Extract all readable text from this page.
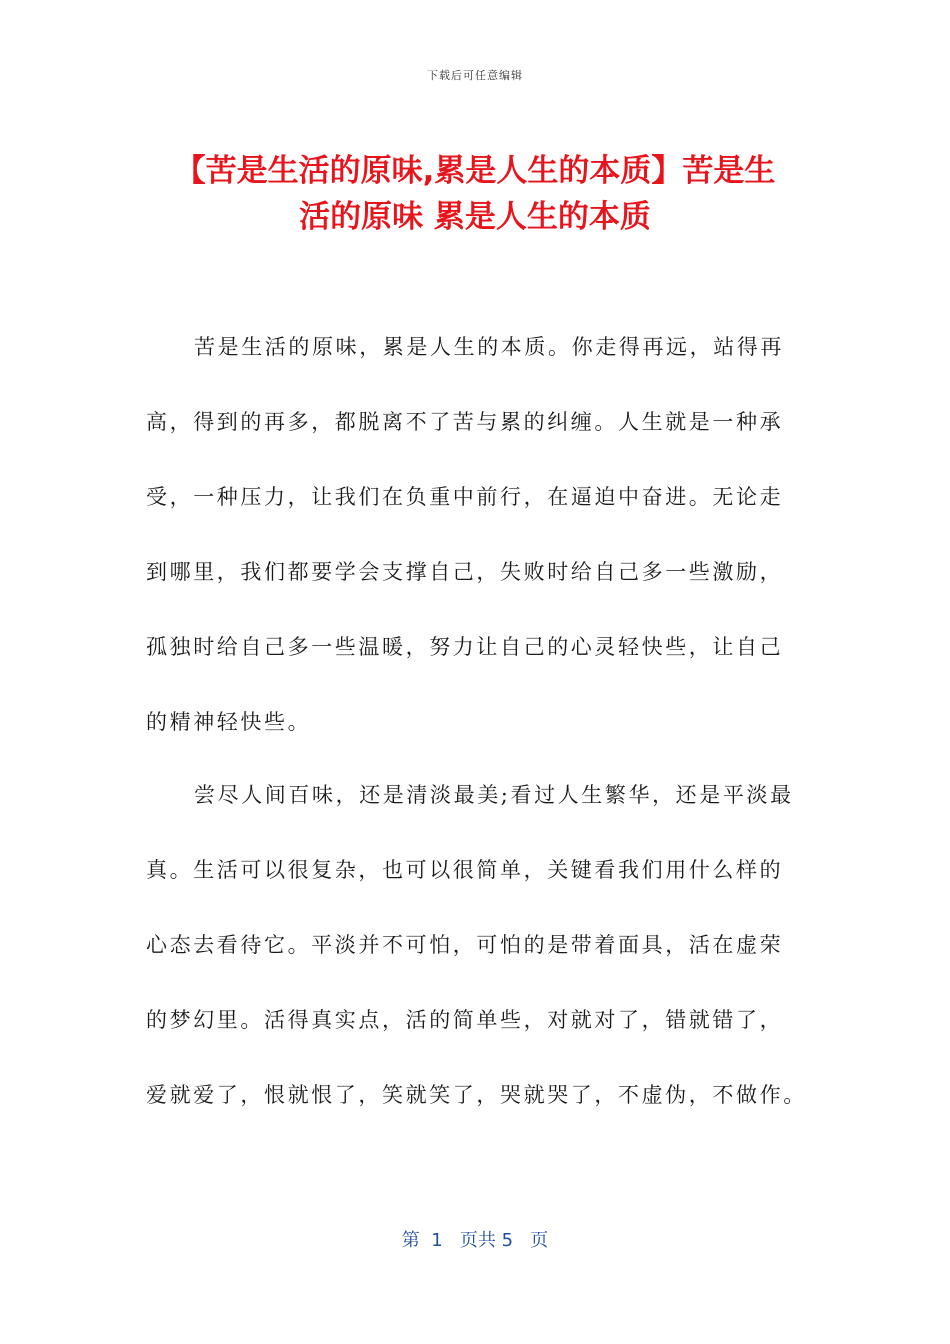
下载后可任意编辑
【苦是生活的原味,累是人生的本质】苦是生
活的原味 累是人生的本质
苦是生活的原味，累是人生的本质。你走得再远，站得再
高，得到的再多，都脱离不了苦与累的纠缠。人生就是一种承
受，一种压力，让我们在负重中前行，在逼迫中奋进。无论走
到哪里，我们都要学会支撑自己，失败时给自己多一些激励，
孤独时给自己多一些温暖，努力让自己的心灵轻快些，让自己
的精神轻快些。
尝尽人间百味，还是清淡最美;看过人生繁华，还是平淡最
真。生活可以很复杂，也可以很简单，关键看我们用什么样的
心态去看待它。平淡并不可怕，可怕的是带着面具，活在虚荣
的梦幻里。活得真实点，活的简单些，对就对了，错就错了，
爱就爱了，恨就恨了，笑就笑了，哭就哭了，不虚伪，不做作。
第  1   页共 5   页
